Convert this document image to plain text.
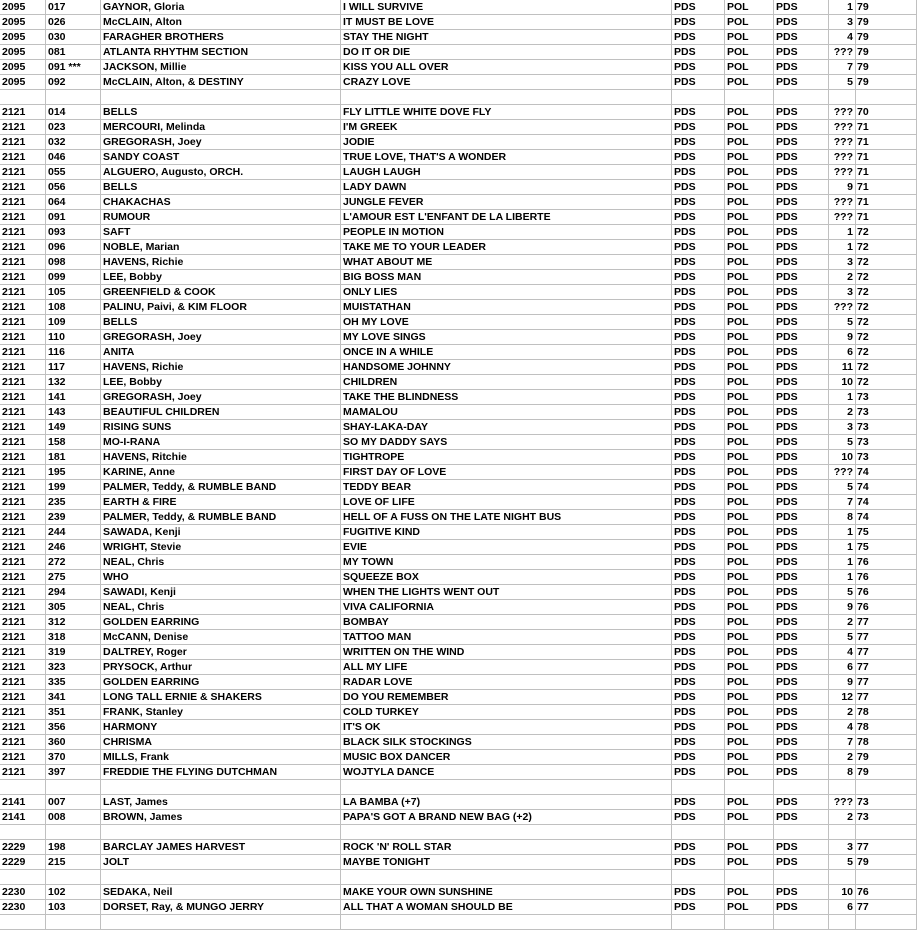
2095	017	GAYNOR, Gloria	I WILL SURVIVE	PDS	POL	PDS	1 79
2095	026	McCLAIN, Alton	IT MUST BE LOVE	PDS	POL	PDS	3 79
2095	030	FARAGHER BROTHERS	STAY THE NIGHT	PDS	POL	PDS	4 79
2095	081	ATLANTA RHYTHM SECTION	DO IT OR DIE	PDS	POL	PDS	??? 79
2095	091 ***	JACKSON, Millie	KISS YOU ALL OVER	PDS	POL	PDS	7 79
2095	092	McCLAIN, Alton, & DESTINY	CRAZY LOVE	PDS	POL	PDS	5 79
2121	014	BELLS	FLY LITTLE WHITE DOVE FLY	PDS	POL	PDS	??? 70
2121	023	MERCOURI, Melinda	I'M GREEK	PDS	POL	PDS	??? 71
2121	032	GREGORASH, Joey	JODIE	PDS	POL	PDS	??? 71
2121	046	SANDY COAST	TRUE LOVE, THAT'S A WONDER	PDS	POL	PDS	??? 71
2121	055	ALGUERO, Augusto, ORCH.	LAUGH LAUGH	PDS	POL	PDS	??? 71
2121	056	BELLS	LADY DAWN	PDS	POL	PDS	9 71
2121	064	CHAKACHAS	JUNGLE FEVER	PDS	POL	PDS	??? 71
2121	091	RUMOUR	L'AMOUR EST L'ENFANT DE LA LIBERTE	PDS	POL	PDS	??? 71
2121	093	SAFT	PEOPLE IN MOTION	PDS	POL	PDS	1 72
2121	096	NOBLE, Marian	TAKE ME TO YOUR LEADER	PDS	POL	PDS	1 72
2121	098	HAVENS, Richie	WHAT ABOUT ME	PDS	POL	PDS	3 72
2121	099	LEE, Bobby	BIG BOSS MAN	PDS	POL	PDS	2 72
2121	105	GREENFIELD & COOK	ONLY LIES	PDS	POL	PDS	3 72
2121	108	PALINU, Paivi, & KIM FLOOR	MUISTATHAN	PDS	POL	PDS	??? 72
2121	109	BELLS	OH MY LOVE	PDS	POL	PDS	5 72
2121	110	GREGORASH, Joey	MY LOVE SINGS	PDS	POL	PDS	9 72
2121	116	ANITA	ONCE IN A WHILE	PDS	POL	PDS	6 72
2121	117	HAVENS, Richie	HANDSOME JOHNNY	PDS	POL	PDS	11 72
2121	132	LEE, Bobby	CHILDREN	PDS	POL	PDS	10 72
2121	141	GREGORASH, Joey	TAKE THE BLINDNESS	PDS	POL	PDS	1 73
2121	143	BEAUTIFUL CHILDREN	MAMALOU	PDS	POL	PDS	2 73
2121	149	RISING SUNS	SHAY-LAKA-DAY	PDS	POL	PDS	3 73
2121	158	MO-I-RANA	SO MY DADDY SAYS	PDS	POL	PDS	5 73
2121	181	HAVENS, Ritchie	TIGHTROPE	PDS	POL	PDS	10 73
2121	195	KARINE, Anne	FIRST DAY OF LOVE	PDS	POL	PDS	??? 74
2121	199	PALMER, Teddy, & RUMBLE BAND	TEDDY BEAR	PDS	POL	PDS	5 74
2121	235	EARTH & FIRE	LOVE OF LIFE	PDS	POL	PDS	7 74
2121	239	PALMER, Teddy, & RUMBLE BAND	HELL OF A FUSS ON THE LATE NIGHT BUS	PDS	POL	PDS	8 74
2121	244	SAWADA, Kenji	FUGITIVE KIND	PDS	POL	PDS	1 75
2121	246	WRIGHT, Stevie	EVIE	PDS	POL	PDS	1 75
2121	272	NEAL, Chris	MY TOWN	PDS	POL	PDS	1 76
2121	275	WHO	SQUEEZE BOX	PDS	POL	PDS	1 76
2121	294	SAWADI, Kenji	WHEN THE LIGHTS WENT OUT	PDS	POL	PDS	5 76
2121	305	NEAL, Chris	VIVA CALIFORNIA	PDS	POL	PDS	9 76
2121	312	GOLDEN EARRING	BOMBAY	PDS	POL	PDS	2 77
2121	318	McCANN, Denise	TATTOO MAN	PDS	POL	PDS	5 77
2121	319	DALTREY, Roger	WRITTEN ON THE WIND	PDS	POL	PDS	4 77
2121	323	PRYSOCK, Arthur	ALL MY LIFE	PDS	POL	PDS	6 77
2121	335	GOLDEN EARRING	RADAR LOVE	PDS	POL	PDS	9 77
2121	341	LONG TALL ERNIE & SHAKERS	DO YOU REMEMBER	PDS	POL	PDS	12 77
2121	351	FRANK, Stanley	COLD TURKEY	PDS	POL	PDS	2 78
2121	356	HARMONY	IT'S OK	PDS	POL	PDS	4 78
2121	360	CHRISMA	BLACK SILK STOCKINGS	PDS	POL	PDS	7 78
2121	370	MILLS, Frank	MUSIC BOX DANCER	PDS	POL	PDS	2 79
2121	397	FREDDIE THE FLYING DUTCHMAN	WOJTYLA DANCE	PDS	POL	PDS	8 79
2141	007	LAST, James	LA BAMBA (+7)	PDS	POL	PDS	??? 73
2141	008	BROWN, James	PAPA'S GOT A BRAND NEW BAG (+2)	PDS	POL	PDS	2 73
2229	198	BARCLAY JAMES HARVEST	ROCK 'N' ROLL STAR	PDS	POL	PDS	3 77
2229	215	JOLT	MAYBE TONIGHT	PDS	POL	PDS	5 79
2230	102	SEDAKA, Neil	MAKE YOUR OWN SUNSHINE	PDS	POL	PDS	10 76
2230	103	DORSET, Ray, & MUNGO JERRY	ALL THAT A WOMAN SHOULD BE	PDS	POL	PDS	6 77
